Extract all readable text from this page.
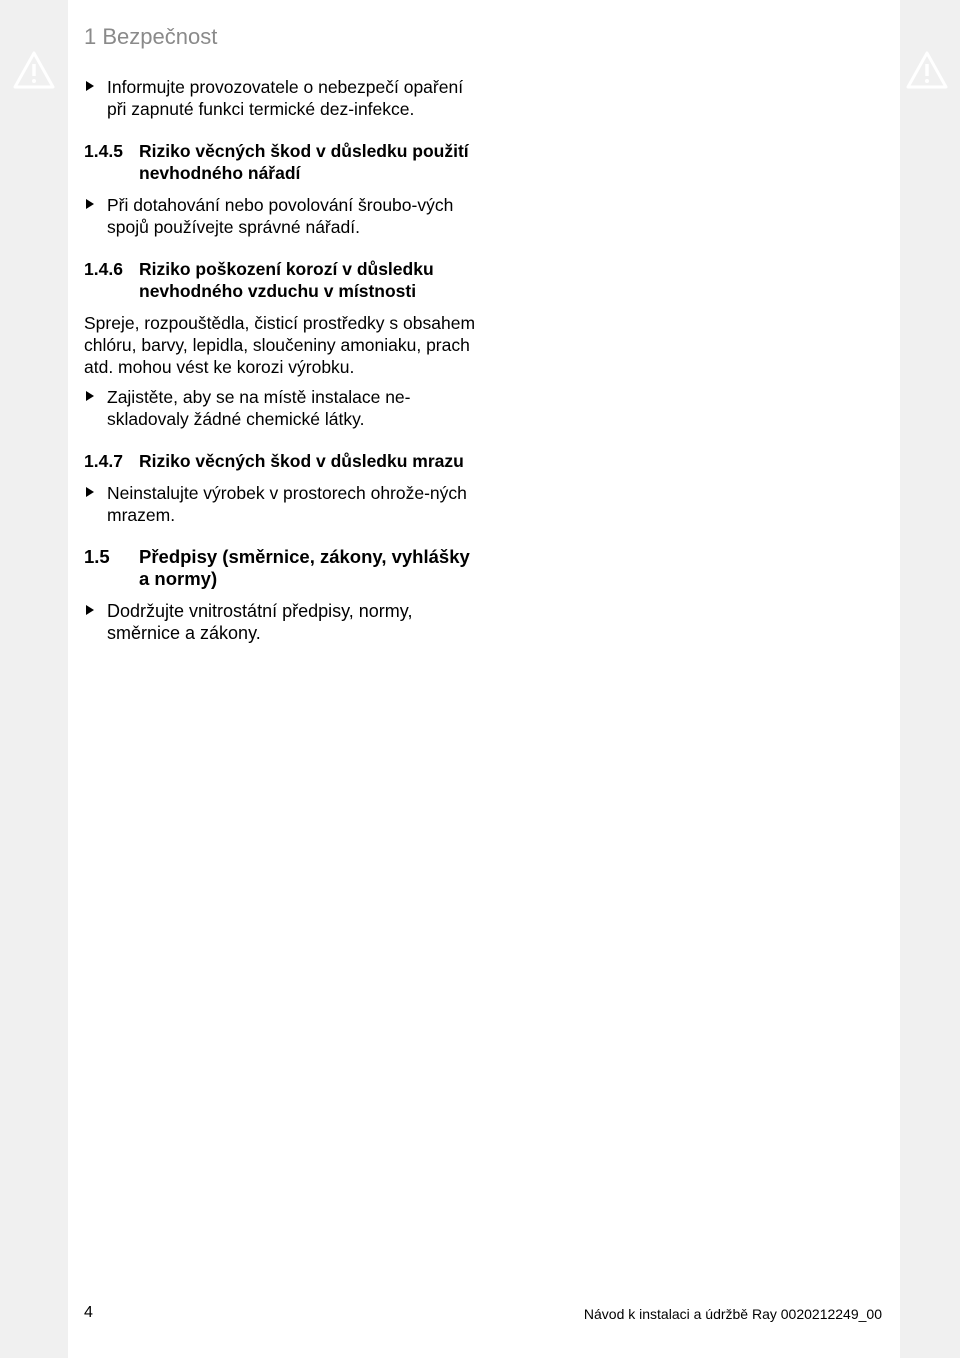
1 Bezpečnost

Informujte provozovatele o nebezpečí opaření při zapnuté funkci termické dez-infekce.

1.4.5 Riziko věcných škod v důsledku použití nevhodného nářadí

Při dotahování nebo povolování šroubo-vých spojů používejte správné nářadí.

1.4.6 Riziko poškození korozí v důsledku nevhodného vzduchu v místnosti

Spreje, rozpouštědla, čisticí prostředky s obsahem chlóru, barvy, lepidla, sloučeniny amoniaku, prach atd. mohou vést ke korozi výrobku.

Zajistěte, aby se na místě instalace ne-skladovaly žádné chemické látky.

1.4.7 Riziko věcných škod v důsledku mrazu

Neinstalujte výrobek v prostorech ohrože-ných mrazem.

1.5 Předpisy (směrnice, zákony, vyhlášky a normy)

Dodržujte vnitrostátní předpisy, normy, směrnice a zákony.

4	Návod k instalaci a údržbě Ray 0020212249_00
